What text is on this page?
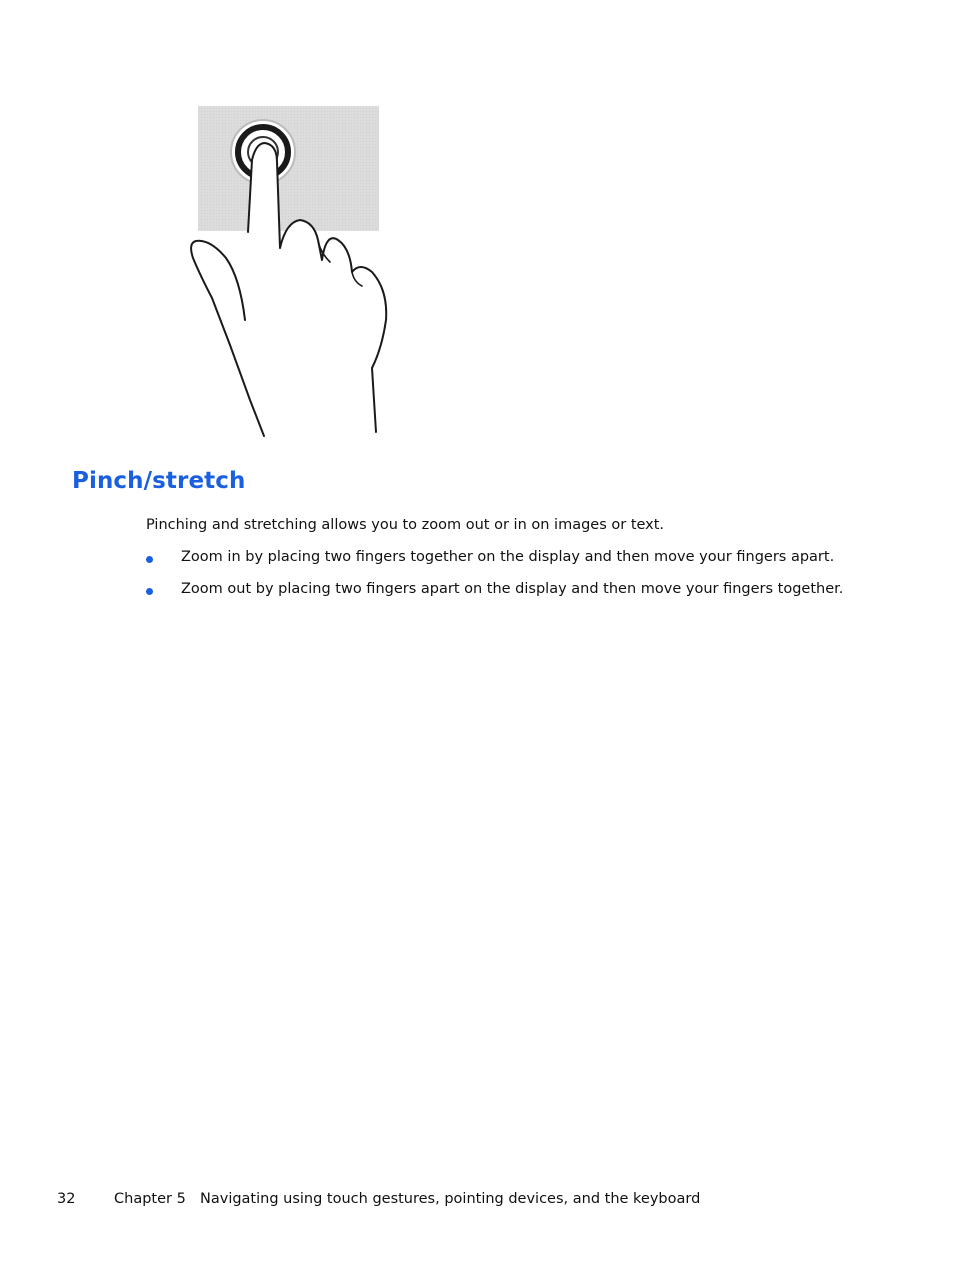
Pinch/stretch

Pinching and stretching allows you to zoom out or in on images or text.

Zoom in by placing two fingers together on the display and then move your fingers apart.
Zoom out by placing two fingers apart on the display and then move your fingers together.
32	Chapter 5 Navigating using touch gestures, pointing devices, and the keyboard
